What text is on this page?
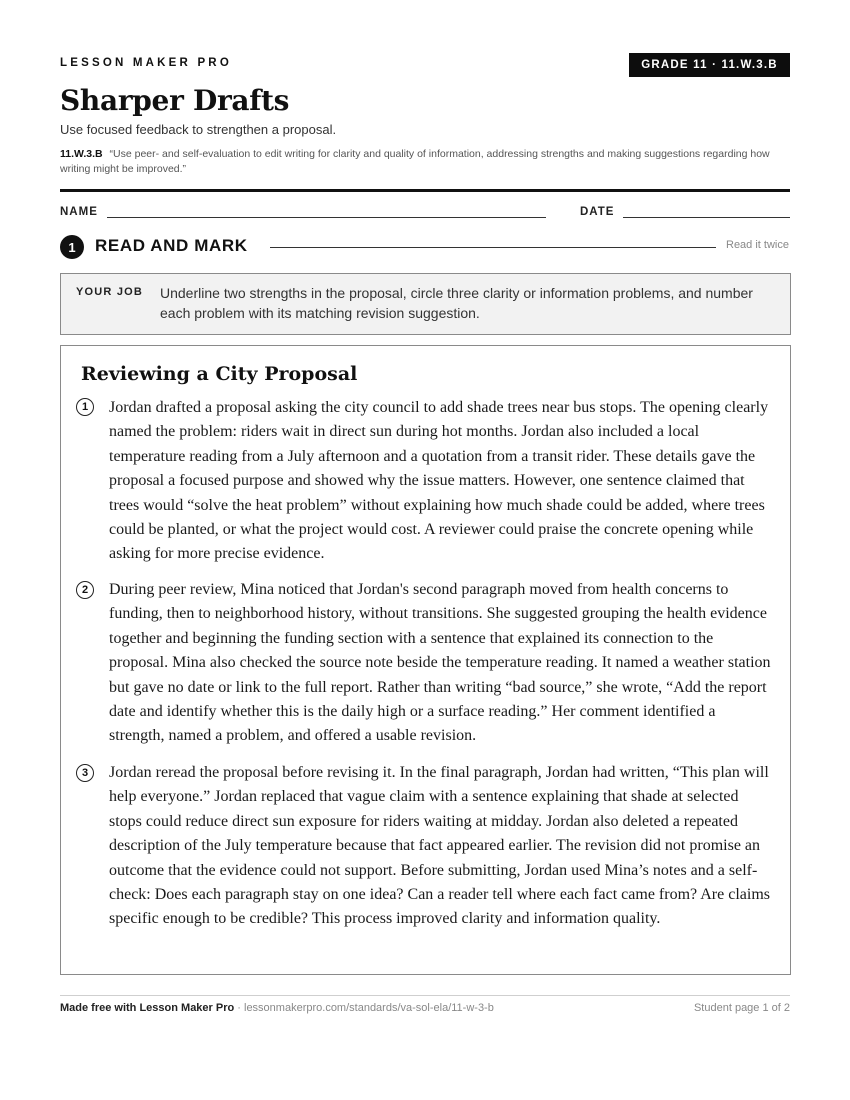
LESSON MAKER PRO	GRADE 11 · 11.W.3.B
Sharper Drafts
Use focused feedback to strengthen a proposal.
11.W.3.B “Use peer- and self-evaluation to edit writing for clarity and quality of information, addressing strengths and making suggestions regarding how writing might be improved.”
NAME	DATE
1	READ AND MARK	Read it twice
YOUR JOB Underline two strengths in the proposal, circle three clarity or information problems, and number each problem with its matching revision suggestion.
Reviewing a City Proposal
1	Jordan drafted a proposal asking the city council to add shade trees near bus stops. The opening clearly named the problem: riders wait in direct sun during hot months. Jordan also included a local temperature reading from a July afternoon and a quotation from a transit rider. These details gave the proposal a focused purpose and showed why the issue matters. However, one sentence claimed that trees would “solve the heat problem” without explaining how much shade could be added, where trees could be planted, or what the project would cost. A reviewer could praise the concrete opening while asking for more precise evidence.
2	During peer review, Mina noticed that Jordan's second paragraph moved from health concerns to funding, then to neighborhood history, without transitions. She suggested grouping the health evidence together and beginning the funding section with a sentence that explained its connection to the proposal. Mina also checked the source note beside the temperature reading. It named a weather station but gave no date or link to the full report. Rather than writing “bad source,” she wrote, “Add the report date and identify whether this is the daily high or a surface reading.” Her comment identified a strength, named a problem, and offered a usable revision.
3	Jordan reread the proposal before revising it. In the final paragraph, Jordan had written, “This plan will help everyone.” Jordan replaced that vague claim with a sentence explaining that shade at selected stops could reduce direct sun exposure for riders waiting at midday. Jordan also deleted a repeated description of the July temperature because that fact appeared earlier. The revision did not promise an outcome that the evidence could not support. Before submitting, Jordan used Mina’s notes and a self-check: Does each paragraph stay on one idea? Can a reader tell where each fact came from? Are claims specific enough to be credible? This process improved clarity and information quality.
Made free with Lesson Maker Pro · lessonmakerpro.com/standards/va-sol-ela/11-w-3-b	Student page 1 of 2
